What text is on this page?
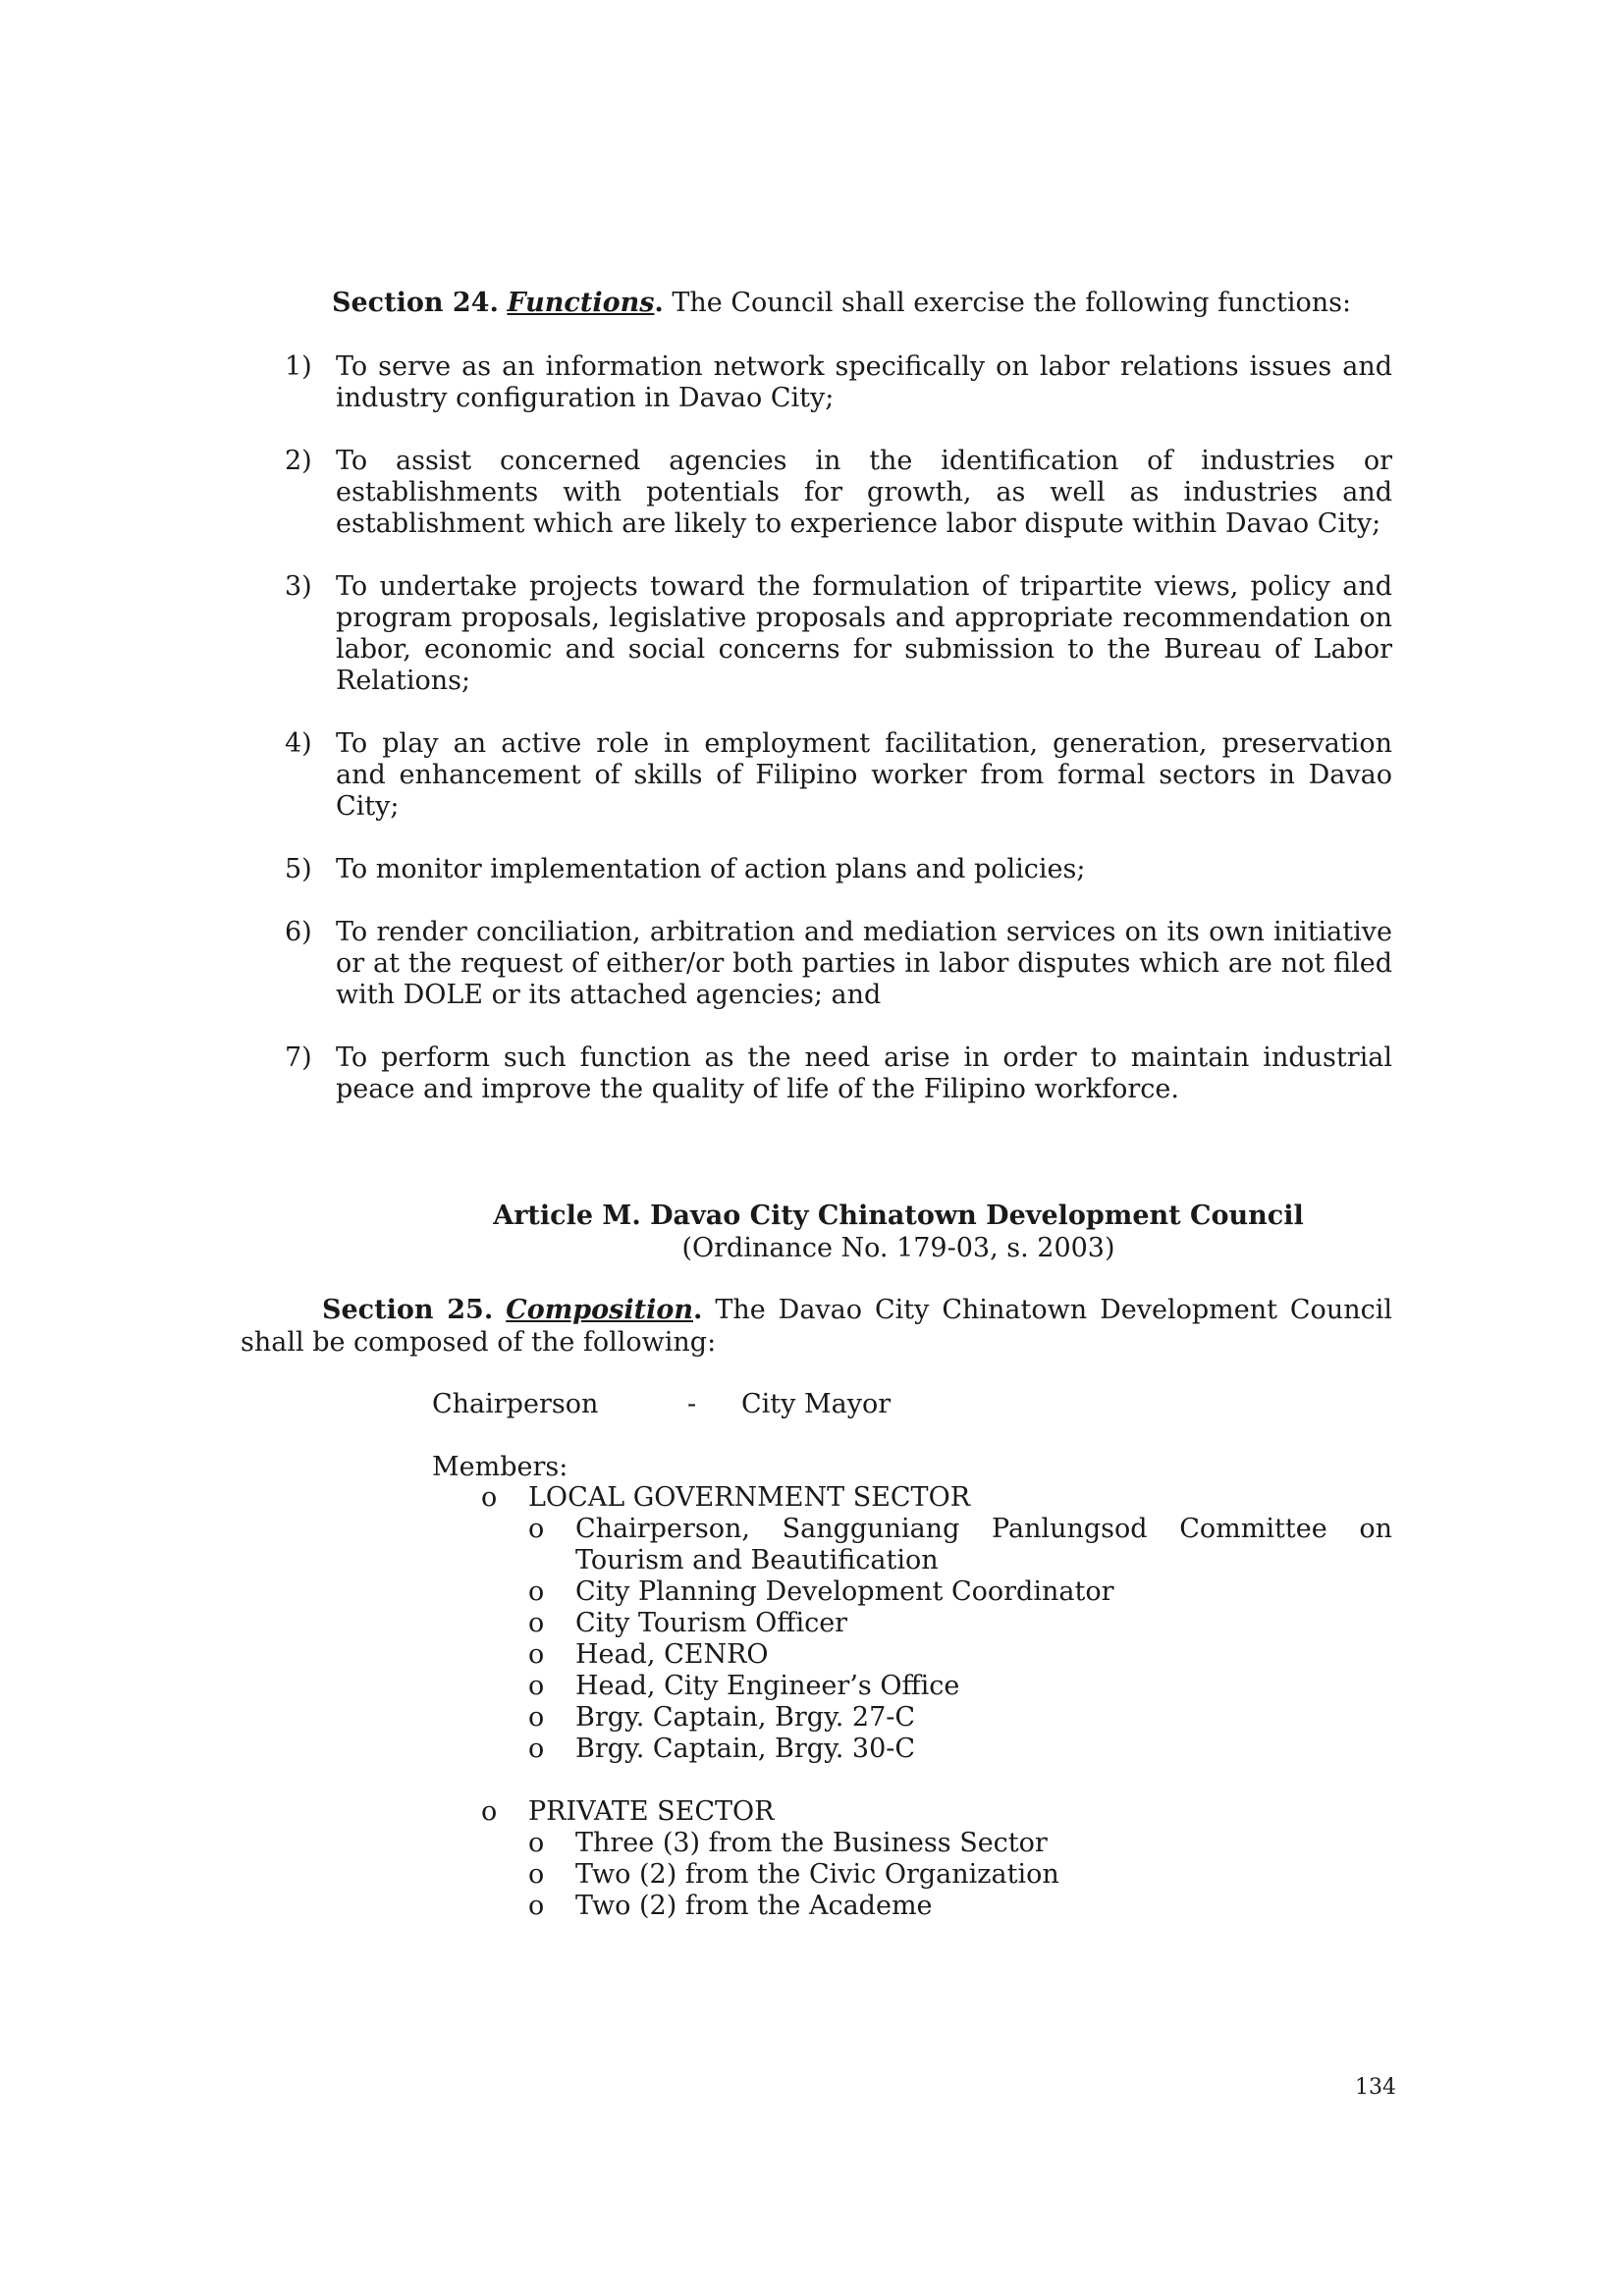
Section 24. Functions. The Council shall exercise the following functions:
1) To serve as an information network specifically on labor relations issues and industry configuration in Davao City;
2) To assist concerned agencies in the identification of industries or establishments with potentials for growth, as well as industries and establishment which are likely to experience labor dispute within Davao City;
3) To undertake projects toward the formulation of tripartite views, policy and program proposals, legislative proposals and appropriate recommendation on labor, economic and social concerns for submission to the Bureau of Labor Relations;
4) To play an active role in employment facilitation, generation, preservation and enhancement of skills of Filipino worker from formal sectors in Davao City;
5) To monitor implementation of action plans and policies;
6) To render conciliation, arbitration and mediation services on its own initiative or at the request of either/or both parties in labor disputes which are not filed with DOLE or its attached agencies; and
7) To perform such function as the need arise in order to maintain industrial peace and improve the quality of life of the Filipino workforce.
Article M. Davao City Chinatown Development Council
(Ordinance No. 179-03, s. 2003)
Section 25. Composition. The Davao City Chinatown Development Council shall be composed of the following:
Chairperson	- City Mayor
Members:
o LOCAL GOVERNMENT SECTOR
o Chairperson, Sangguniang Panlungsod Committee on
Tourism and Beautification
o City Planning Development Coordinator
o City Tourism Officer
o Head, CENRO
o Head, City Engineer’s Office
o Brgy. Captain, Brgy. 27-C
o Brgy. Captain, Brgy. 30-C
o PRIVATE SECTOR
o Three (3) from the Business Sector
o Two (2) from the Civic Organization
o Two (2) from the Academe
134
